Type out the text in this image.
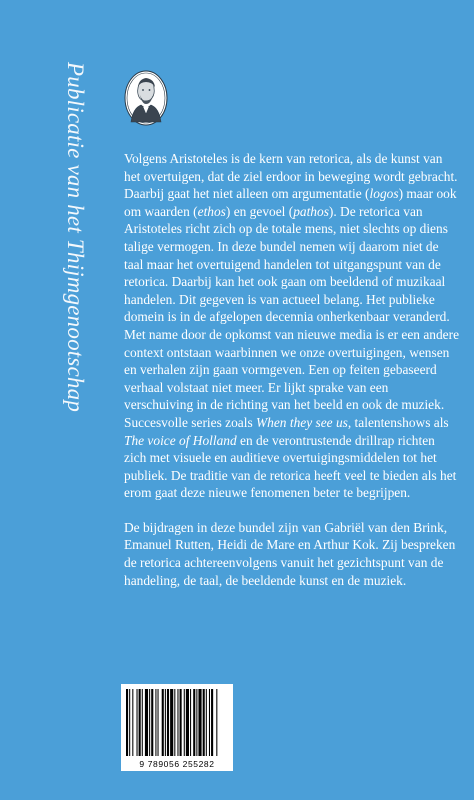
Publicatie van het Thijmgenootschap	Volgens Aristoteles is de kern van retorica, als de kunst van het overtuigen, dat de ziel erdoor in beweging wordt gebracht. Daarbij gaat het niet alleen om argumentatie (logos) maar ook om waarden (ethos) en gevoel (pathos). De retorica van Aristoteles richt zich op de totale mens, niet slechts op diens talige vermogen. In deze bundel nemen wij daarom niet de taal maar het overtuigend handelen tot uitgangspunt van de retorica. Daarbij kan het ook gaan om beeldend of muzikaal handelen. Dit gegeven is van actueel belang. Het publieke domein is in de afgelopen decennia onherkenbaar veranderd. Met name door de opkomst van nieuwe media is er een andere context ontstaan waarbinnen we onze overtuigingen, wensen en verhalen zijn gaan vormgeven. Een op feiten gebaseerd verhaal volstaat niet meer. Er lijkt sprake van een verschuiving in de richting van het beeld en ook de muziek. Succesvolle series zoals When they see us, talentenshows als The voice of Holland en de verontrustende drillrap richten zich met visuele en auditieve overtuigingsmiddelen tot het publiek. De traditie van de retorica heeft veel te bieden als het erom gaat deze nieuwe fenomenen beter te begrijpen.

De bijdragen in deze bundel zijn van Gabriël van den Brink, Emanuel Rutten, Heidi de Mare en Arthur Kok. Zij bespreken de retorica achtereenvolgens vanuit het gezichtspunt van de handeling, de taal, de beeldende kunst en de muziek.

9 789056 255282
